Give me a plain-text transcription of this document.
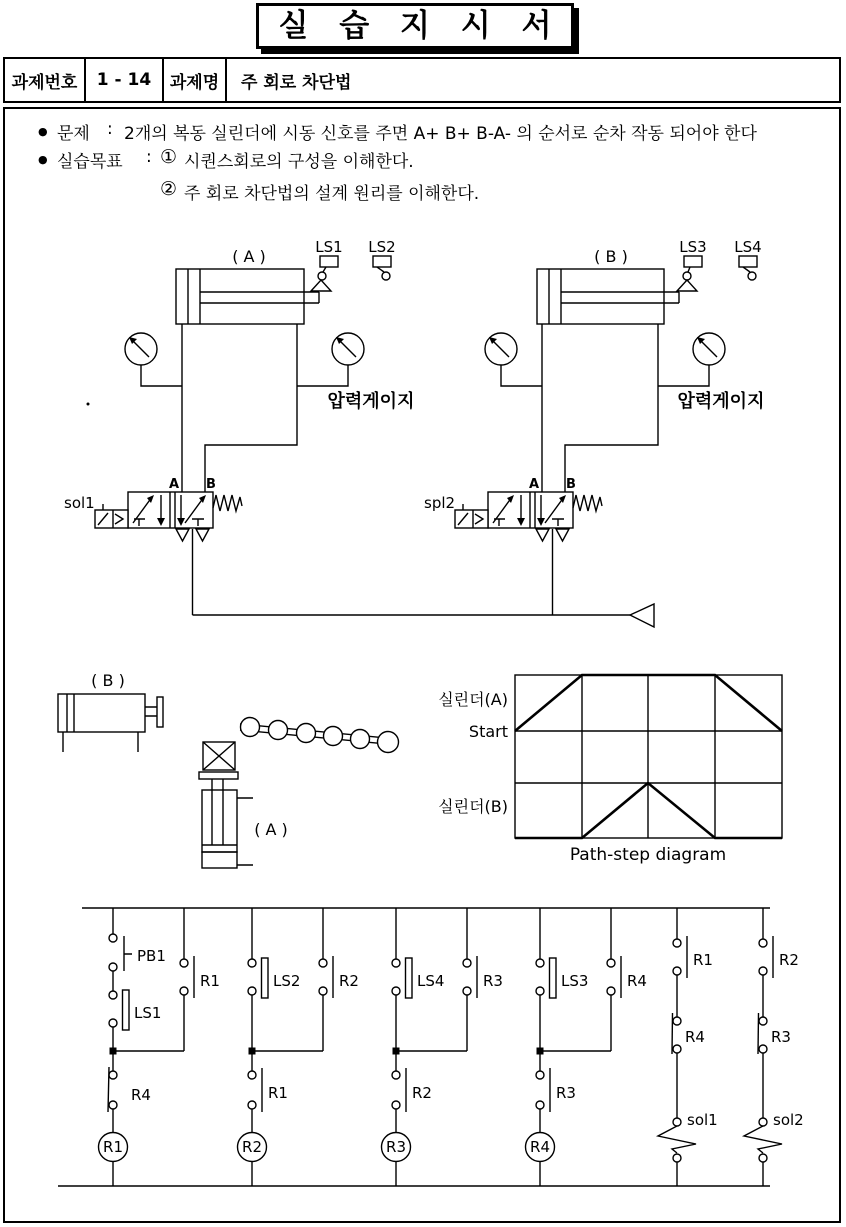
실 습 지 시 서
과제번호	1 - 14	과제명	주 회로 차단법
● 문제 : 2개의 복동 실린더에 시동 신호를 주면 A+ B+ B-A- 의 순서로 순차 작동 되어야 한다
● 실습목표 : ① 시퀀스회로의 구성을 이해한다.
② 주 회로 차단법의 설계 원리를 이해한다.
( A )	LS1 LS2
압력게이지
sol1
A B
( B )	LS3 LS4
압력게이지
spl2
A B
( B )
( A )
실린더(A)
Start
실린더(B)
Path-step diagram
PB1
LS1
R1
R4
R1
LS2	R2
R1
R2
LS4	R3
R2
R3
LS3	R4
R3
R4
R1
R4
sol1
R2
R3
sol2
